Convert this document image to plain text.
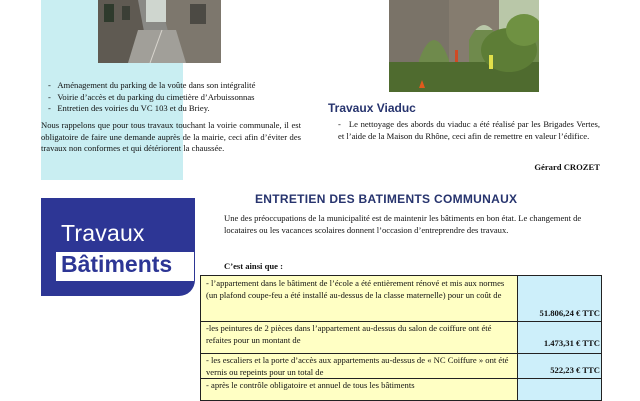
-   Aménagement du parking de la voûte dans son intégralité
-   Voirie d’accès et du parking du cimetière d’Arbuissonnas
-   Entretien des voiries du VC 103 et du Briey.
Nous rappelons que pour tous travaux touchant la voirie communale, il est obligatoire de faire une demande auprès de la mairie, ceci afin d’éviter des travaux non conformes et qui détériorent la chaussée.
Travaux Viaduc
-   Le nettoyage des abords du viaduc a été réalisé par les Brigades Vertes, et l’aide de la Maison du Rhône, ceci afin de remettre en valeur l’édifice.
Gérard CROZET
ENTRETIEN DES BATIMENTS COMMUNAUX
Travaux
Bâtiments
Une des préoccupations de la municipalité est de maintenir les bâtiments en bon état. Le changement de locataires ou les vacances scolaires donnent l’occasion d’entreprendre des travaux.
C’est ainsi que :
- l’appartement dans le bâtiment de l’école a été entièrement rénové et mis aux normes (un plafond coupe-feu a été installé au-dessus de la classe maternelle) pour un coût de
51.806,24 € TTC
-les peintures de 2 pièces dans l’appartement au-dessus du salon de coiffure ont été refaites pour un montant de	1.473,31 € TTC
- les escaliers et la porte d’accès aux appartements au-dessus de « NC Coiffure » ont été vernis ou repeints pour un total de	522,23 € TTC
- après le contrôle obligatoire et annuel de tous les bâtiments
